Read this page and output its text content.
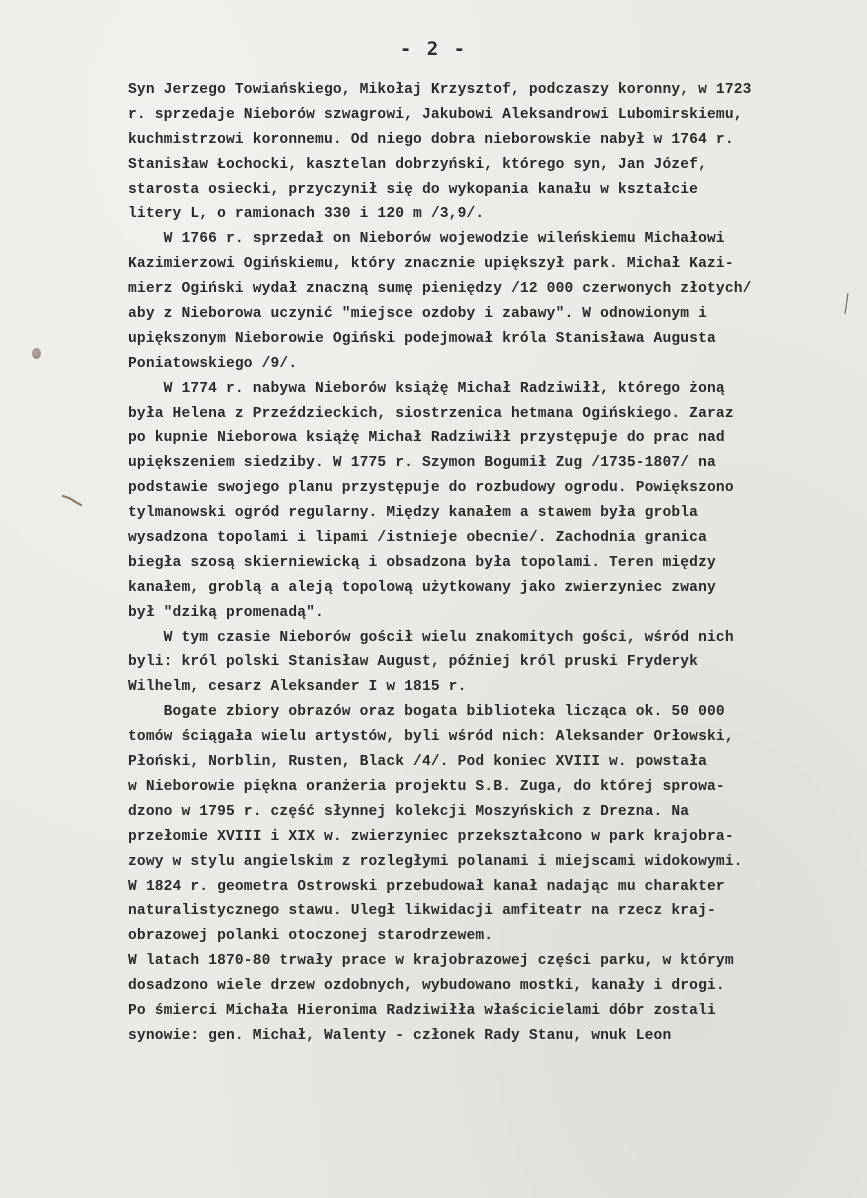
- 2 -
Syn Jerzego Towiańskiego, Mikołaj Krzysztof, podczaszy koronny, w 1723
r. sprzedaje Nieborów szwagrowi, Jakubowi Aleksandrowi Lubomirskiemu,
kuchmistrzowi koronnemu. Od niego dobra nieborowskie nabył w 1764 r.
Stanisław Łochocki, kasztelan dobrzyński, którego syn, Jan Józef,
starosta osiecki, przyczynił się do wykopania kanału w kształcie
litery L, o ramionach 330 i 120 m /3,9/.
W 1766 r. sprzedał on Nieborów wojewodzie wileńskiemu Michałowi
Kazimierzowi Ogińskiemu, który znacznie upiększył park. Michał Kazi-
mierz Ogiński wydał znaczną sumę pieniędzy /12 000 czerwonych złotych/
aby z Nieborowa uczynić "miejsce ozdoby i zabawy". W odnowionym i
upiększonym Nieborowie Ogiński podejmował króla Stanisława Augusta
Poniatowskiego /9/.
W 1774 r. nabywa Nieborów książę Michał Radziwiłł, którego żoną
była Helena z Przeździeckich, siostrzenica hetmana Ogińskiego. Zaraz
po kupnie Nieborowa książę Michał Radziwiłł przystępuje do prac nad
upiększeniem siedziby. W 1775 r. Szymon Bogumił Zug /1735-1807/ na
podstawie swojego planu przystępuje do rozbudowy ogrodu. Powiększono
tylmanowski ogród regularny. Między kanałem a stawem była grobla
wysadzona topolami i lipami /istnieje obecnie/. Zachodnia granica
biegła szosą skierniewicką i obsadzona była topolami. Teren między
kanałem, groblą a aleją topolową użytkowany jako zwierzyniec zwany
był "dziką promenadą".
W tym czasie Nieborów gościł wielu znakomitych gości, wśród nich
byli: król polski Stanisław August, później król pruski Fryderyk
Wilhelm, cesarz Aleksander I w 1815 r.
Bogate zbiory obrazów oraz bogata biblioteka licząca ok. 50 000
tomów ściągała wielu artystów, byli wśród nich: Aleksander Orłowski,
Płoński, Norblin, Rusten, Black /4/. Pod koniec XVIII w. powstała
w Nieborowie piękna oranżeria projektu S.B. Zuga, do której sprowa-
dzono w 1795 r. część słynnej kolekcji Moszyńskich z Drezna. Na
przełomie XVIII i XIX w. zwierzyniec przekształcono w park krajobra-
zowy w stylu angielskim z rozległymi polanami i miejscami widokowymi.
W 1824 r. geometra Ostrowski przebudował kanał nadając mu charakter
naturalistycznego stawu. Uległ likwidacji amfiteatr na rzecz kraj-
obrazowej polanki otoczonej starodrzewem.
W latach 1870-80 trwały prace w krajobrazowej części parku, w którym
dosadzono wiele drzew ozdobnych, wybudowano mostki, kanały i drogi.
Po śmierci Michała Hieronima Radziwiłła właścicielami dóbr zostali
synowie: gen. Michał, Walenty - członek Rady Stanu, wnuk Leon
